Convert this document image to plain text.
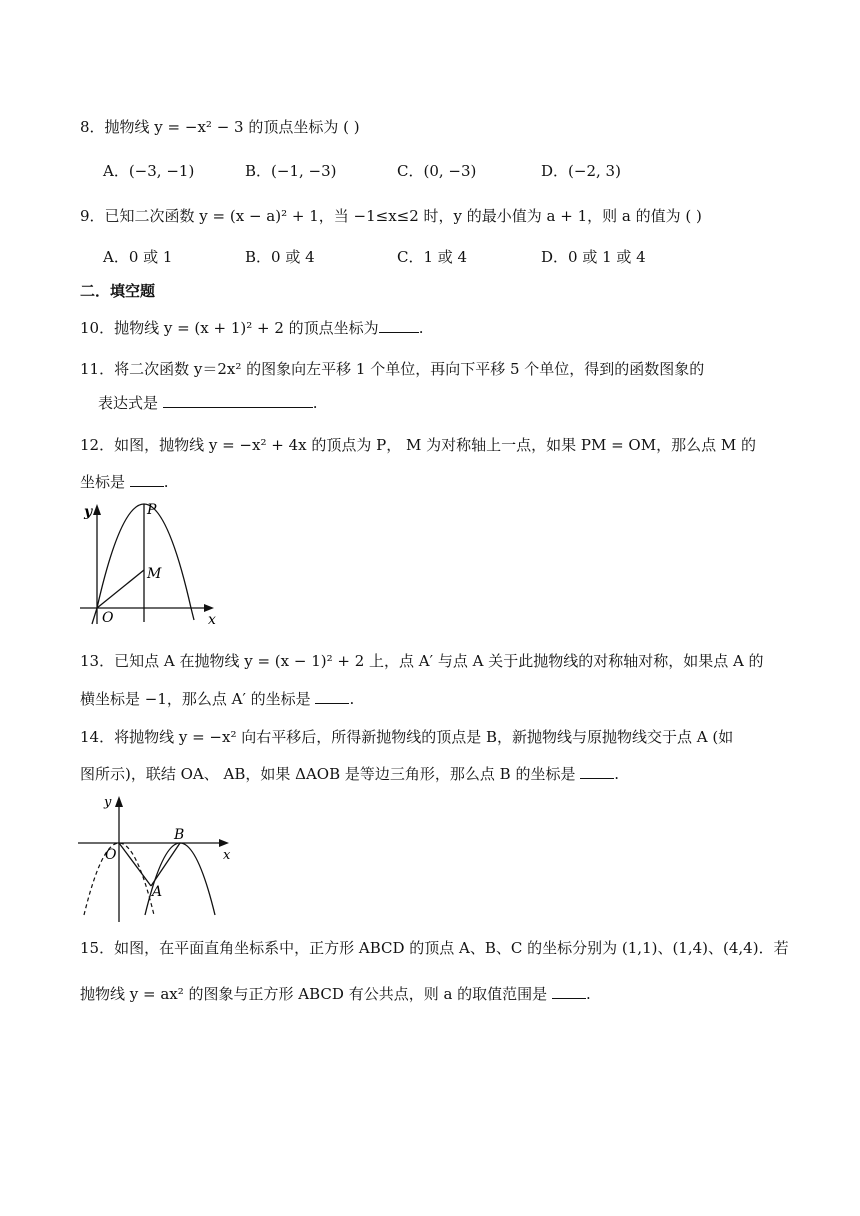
8．抛物线 y = −x² − 3 的顶点坐标为 ( )
A．(−3, −1)	B．(−1, −3)	C．(0, −3)	D．(−2, 3)
9．已知二次函数 y = (x − a)² + 1，当 −1≤x≤2 时，y 的最小值为 a + 1，则 a 的值为 ( )
A．0 或 1	B．0 或 4	C．1 或 4	D．0 或 1 或 4
二．填空题
10．抛物线 y = (x + 1)² + 2 的顶点坐标为	.
11．将二次函数 y＝2x² 的图象向左平移 1 个单位，再向下平移 5 个单位，得到的函数图象的
表达式是	.
12．如图，抛物线 y = −x² + 4x 的顶点为 P， M 为对称轴上一点，如果 PM = OM，那么点 M 的
坐标是	.
y
x
O
P
M
13．已知点 A 在抛物线 y = (x − 1)² + 2 上，点 A′ 与点 A 关于此抛物线的对称轴对称，如果点 A 的
横坐标是 −1，那么点 A′ 的坐标是	.
14．将抛物线 y = −x² 向右平移后，所得新抛物线的顶点是 B，新抛物线与原抛物线交于点 A (如
图所示)，联结 OA、 AB，如果 ΔAOB 是等边三角形，那么点 B 的坐标是	.
y
x
O
B
A
15．如图，在平面直角坐标系中，正方形 ABCD 的顶点 A、B、C 的坐标分别为 (1,1)、(1,4)、(4,4)．若
抛物线 y = ax² 的图象与正方形 ABCD 有公共点，则 a 的取值范围是	.
